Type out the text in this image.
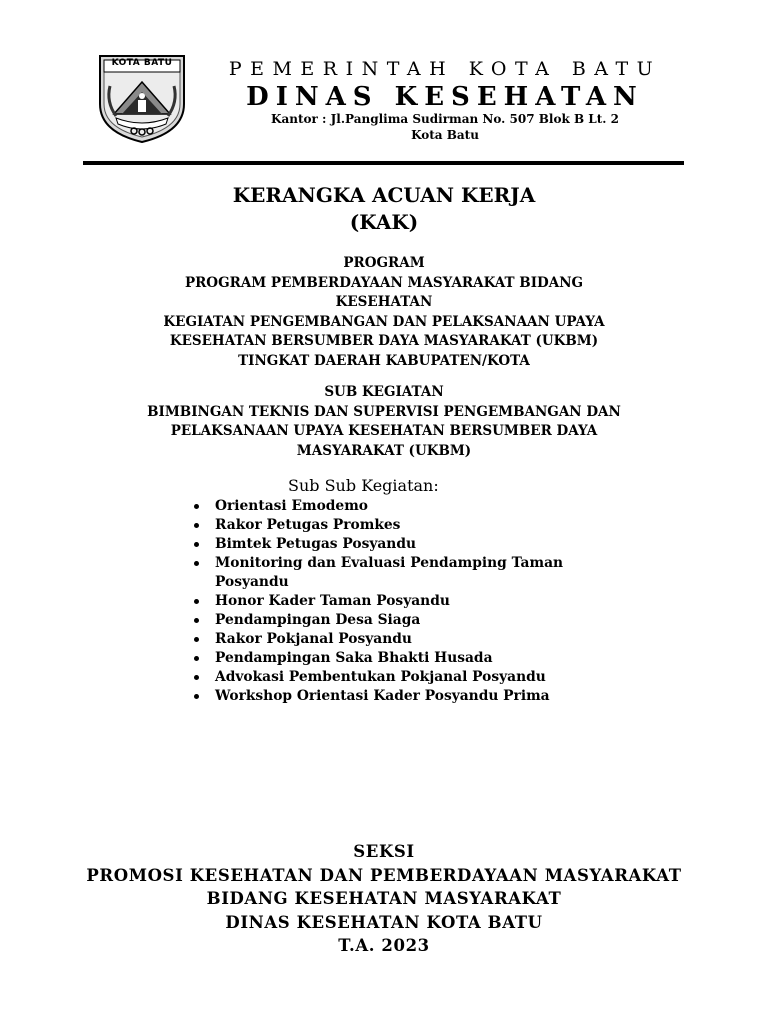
KOTA BATU	PEMERINTAH KOTA BATU
DINAS KESEHATAN
Kantor : Jl.Panglima Sudirman No. 507 Blok B Lt. 2
Kota Batu
KERANGKA ACUAN KERJA
(KAK)
PROGRAM
PROGRAM PEMBERDAYAAN MASYARAKAT BIDANG
KESEHATAN
KEGIATAN PENGEMBANGAN DAN PELAKSANAAN UPAYA
KESEHATAN BERSUMBER DAYA MASYARAKAT (UKBM)
TINGKAT DAERAH KABUPATEN/KOTA
SUB KEGIATAN
BIMBINGAN TEKNIS DAN SUPERVISI PENGEMBANGAN DAN
PELAKSANAAN UPAYA KESEHATAN BERSUMBER DAYA
MASYARAKAT (UKBM)
Sub Sub Kegiatan:
Orientasi Emodemo
Rakor Petugas Promkes
Bimtek Petugas Posyandu
Monitoring dan Evaluasi Pendamping Taman
Posyandu
Honor Kader Taman Posyandu
Pendampingan Desa Siaga
Rakor Pokjanal Posyandu
Pendampingan Saka Bhakti Husada
Advokasi Pembentukan Pokjanal Posyandu
Workshop Orientasi Kader Posyandu Prima
SEKSI
PROMOSI KESEHATAN DAN PEMBERDAYAAN MASYARAKAT
BIDANG KESEHATAN MASYARAKAT
DINAS KESEHATAN KOTA BATU
T.A. 2023
